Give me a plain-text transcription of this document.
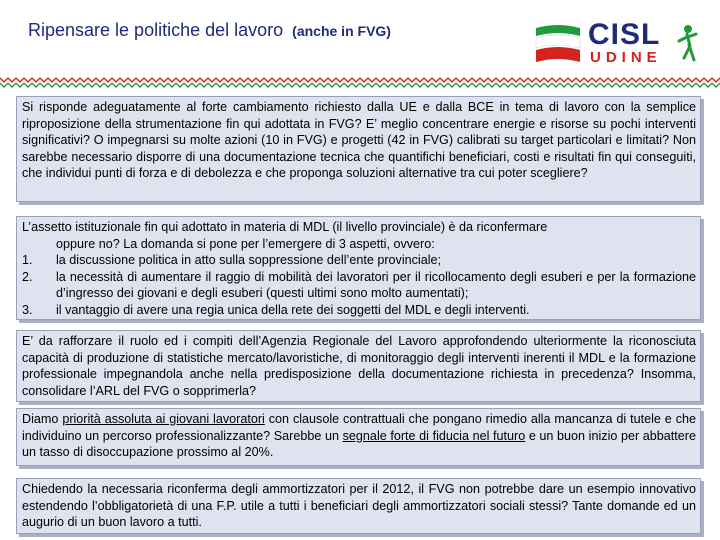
Ripensare le politiche del lavoro (anche in FVG)	CISL
UDINE

Si risponde adeguatamente al forte cambiamento richiesto dalla UE e dalla BCE in tema di lavoro con la semplice riproposizione della strumentazione fin qui adottata in FVG? E’ meglio concentrare energie e risorse su pochi interventi significativi? O impegnarsi su molte azioni (10 in FVG) e progetti (42 in FVG) calibrati su target particolari e limitati? Non sarebbe necessario disporre di una documentazione tecnica che quantifichi beneficiari, costi e risultati fin qui conseguiti, che individui punti di forza e di debolezza e che proponga soluzioni alternative tra cui poter scegliere?

L’assetto istituzionale fin qui adottato in materia di MDL (il livello provinciale) è da riconfermare

oppure no? La domanda si pone per l’emergere di 3 aspetti, ovvero:

1.	la discussione politica in atto sulla soppressione dell’ente provinciale;
2.	la necessità di aumentare il raggio di mobilità dei lavoratori per il ricollocamento degli esuberi e per la formazione d’ingresso dei giovani e degli esuberi (questi ultimi sono molto aumentati);
3.	il vantaggio di avere una regia unica della rete dei soggetti del MDL e degli interventi.

E’ da rafforzare il ruolo ed i compiti dell’Agenzia Regionale del Lavoro approfondendo ulteriormente la riconosciuta capacità di produzione di statistiche mercato/lavoristiche, di monitoraggio degli interventi inerenti il MDL e la formazione professionale impegnandola anche nella predisposizione della documentazione richiesta in precedenza? Insomma, consolidare l’ARL del FVG o sopprimerla?

Diamo priorità assoluta ai giovani lavoratori con clausole contrattuali che pongano rimedio alla mancanza di tutele e che individuino un percorso professionalizzante? Sarebbe un segnale forte di fiducia nel futuro e un buon inizio per abbattere un tasso di disoccupazione prossimo al 20%.

Chiedendo la necessaria riconferma degli ammortizzatori per il 2012, il FVG non potrebbe dare un esempio innovativo estendendo l’obbligatorietà di una F.P. utile a tutti i beneficiari degli ammortizzatori sociali stessi? Tante domande ed un augurio di un buon lavoro a tutti.
